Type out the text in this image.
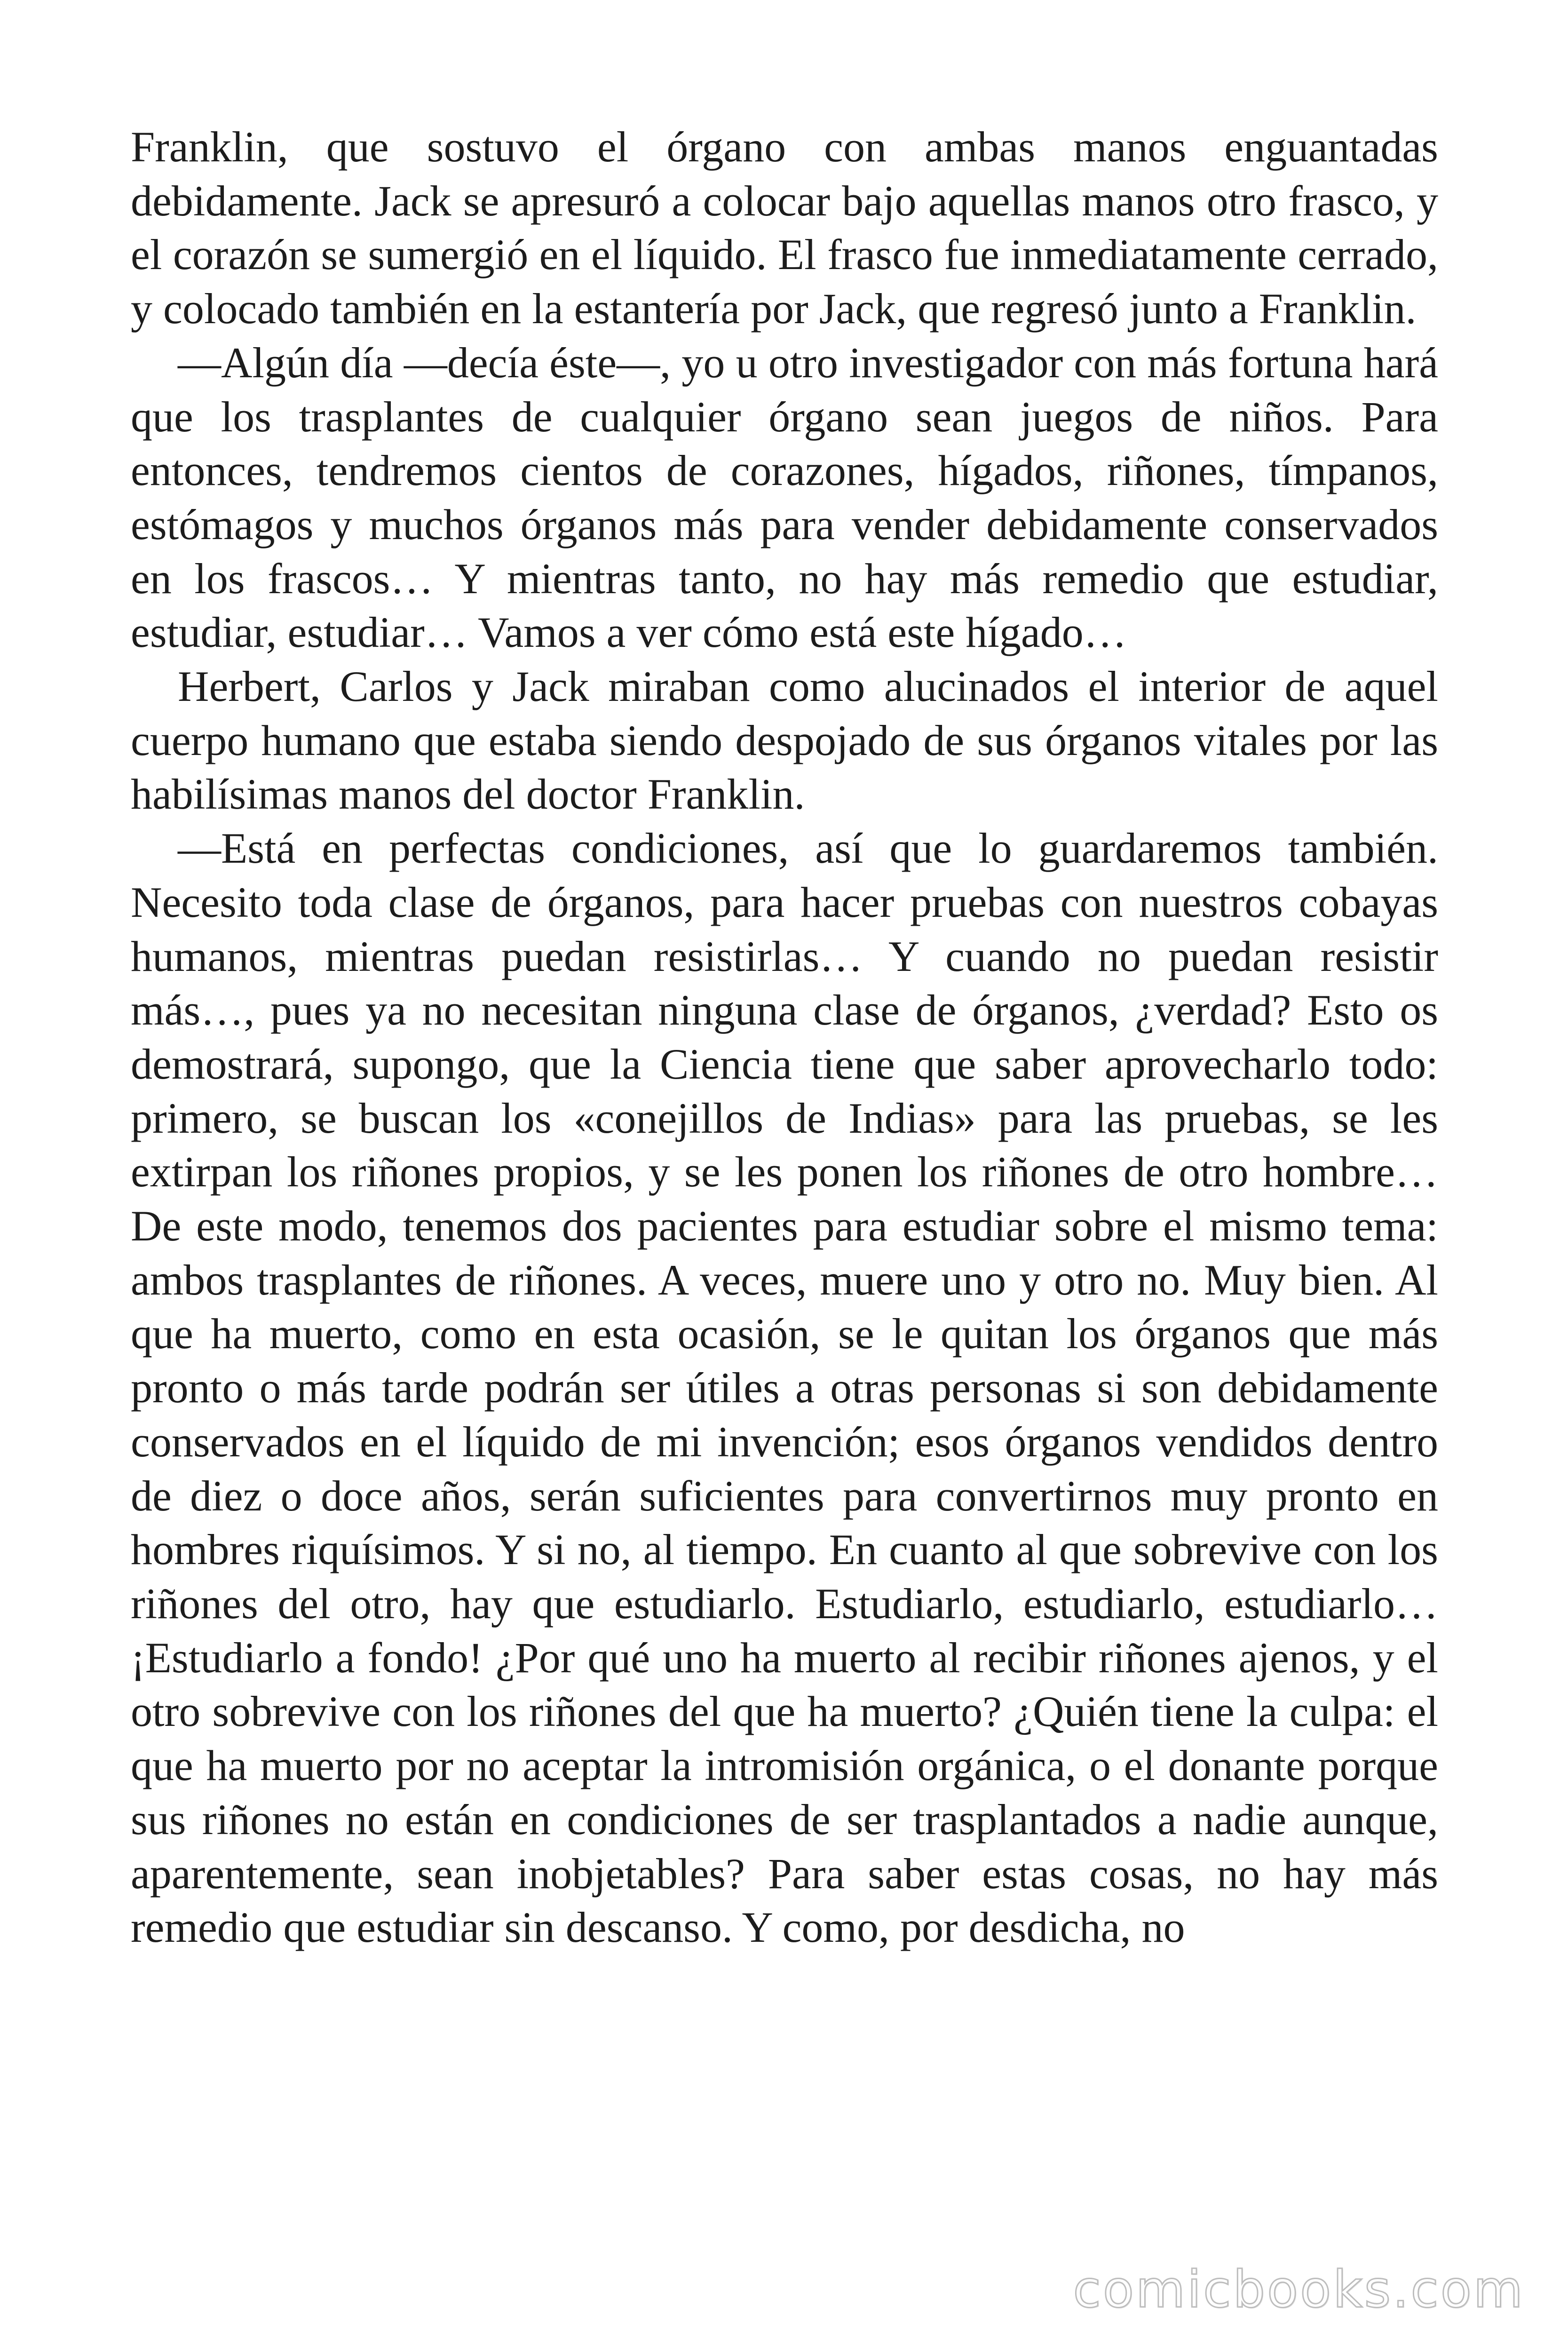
Franklin, que sostuvo el órgano con ambas manos enguantadas debidamente. Jack se apresuró a colocar bajo aquellas manos otro frasco, y el corazón se sumergió en el líquido. El frasco fue inmediatamente cerrado, y colocado también en la estantería por Jack, que regresó junto a Franklin.

—Algún día —decía éste—, yo u otro investigador con más fortuna hará que los trasplantes de cualquier órgano sean juegos de niños. Para entonces, tendremos cientos de corazones, hígados, riñones, tímpanos, estómagos y muchos órganos más para vender debidamente conservados en los frascos… Y mientras tanto, no hay más remedio que estudiar, estudiar, estudiar… Vamos a ver cómo está este hígado…

Herbert, Carlos y Jack miraban como alucinados el interior de aquel cuerpo humano que estaba siendo despojado de sus órganos vitales por las habilísimas manos del doctor Franklin.

—Está en perfectas condiciones, así que lo guardaremos también. Necesito toda clase de órganos, para hacer pruebas con nuestros cobayas humanos, mientras puedan resistirlas… Y cuando no puedan resistir más…, pues ya no necesitan ninguna clase de órganos, ¿verdad? Esto os demostrará, supongo, que la Ciencia tiene que saber aprovecharlo todo: primero, se buscan los «conejillos de Indias» para las pruebas, se les extirpan los riñones propios, y se les ponen los riñones de otro hombre… De este modo, tenemos dos pacientes para estudiar sobre el mismo tema: ambos trasplantes de riñones. A veces, muere uno y otro no. Muy bien. Al que ha muerto, como en esta ocasión, se le quitan los órganos que más pronto o más tarde podrán ser útiles a otras personas si son debidamente conservados en el líquido de mi invención; esos órganos vendidos dentro de diez o doce años, serán suficientes para convertirnos muy pronto en hombres riquísimos. Y si no, al tiempo. En cuanto al que sobrevive con los riñones del otro, hay que estudiarlo. Estudiarlo, estudiarlo, estudiarlo… ¡Estudiarlo a fondo! ¿Por qué uno ha muerto al recibir riñones ajenos, y el otro sobrevive con los riñones del que ha muerto? ¿Quién tiene la culpa: el que ha muerto por no aceptar la intromisión orgánica, o el donante porque sus riñones no están en condiciones de ser trasplantados a nadie aunque, aparentemente, sean inobjetables? Para saber estas cosas, no hay más remedio que estudiar sin descanso. Y como, por desdicha, no

comicbooks.com
